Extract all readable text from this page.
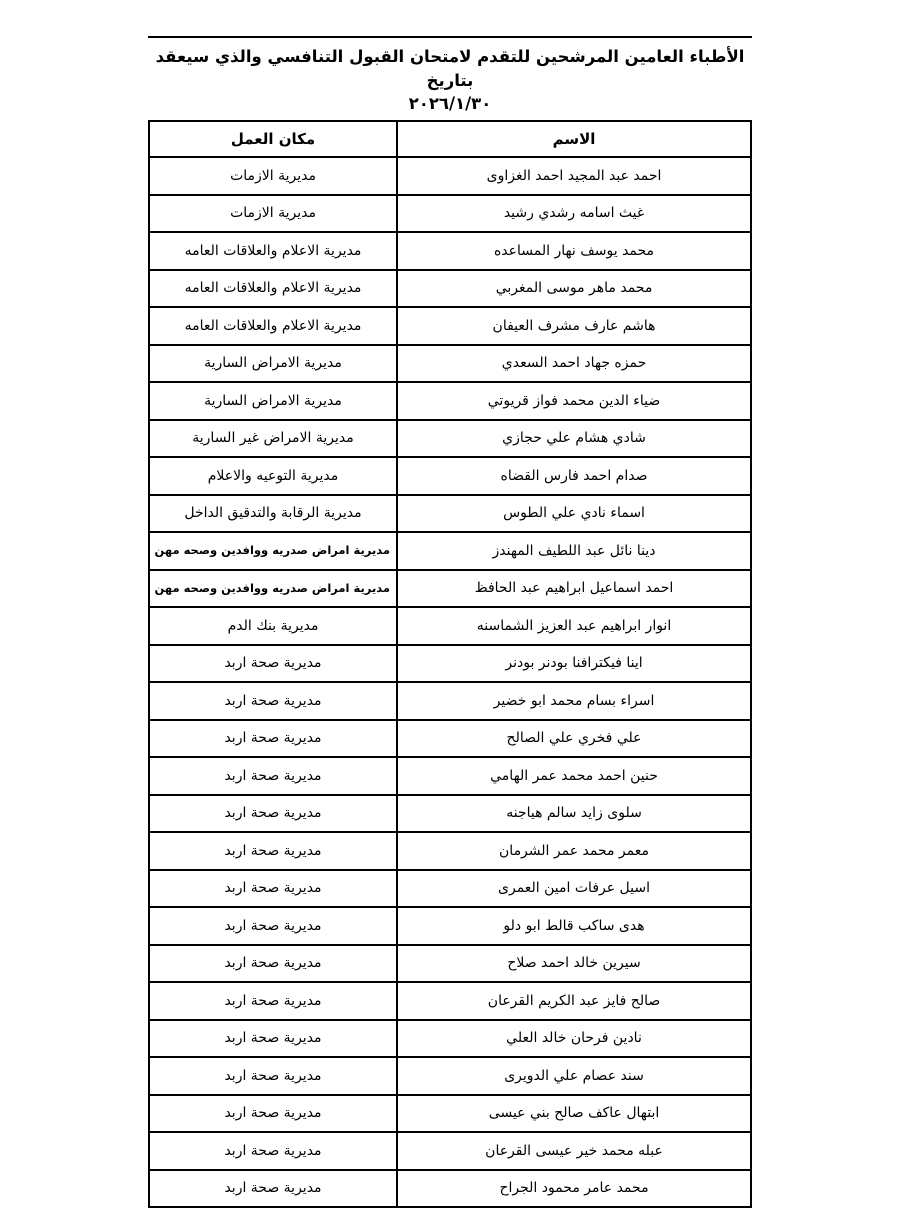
الأطباء العامين المرشحين للتقدم لامتحان القبول التنافسي والذي سيعقد بتاريخ
٢٠٢٦/١/٣٠
الاسم	مكان العمل
احمد عبد المجيد احمد الغزاوى	مديرية الازمات
غيث اسامه رشدي رشيد	مديرية الازمات
محمد يوسف نهار المساعده	مديرية الاعلام والعلاقات العامه
محمد ماهر موسى المغربي	مديرية الاعلام والعلاقات العامه
هاشم عارف مشرف العيفان	مديرية الاعلام والعلاقات العامه
حمزه جهاد احمد السعدي	مديرية الامراض السارية
ضياء الدين محمد فواز قريوتي	مديرية الامراض السارية
شادي هشام علي حجازي	مديرية الامراض غير السارية
صدام احمد فارس القضاه	مديرية التوعيه والاعلام
اسماء نادي علي الطوس	مديرية الرقابة والتدقيق الداخل
دينا نائل عبد اللطيف المهندز	مديرية امراض صدريه ووافدين وصحه مهن
احمد اسماعيل ابراهيم عبد الحافظ	مديرية امراض صدريه ووافدين وصحه مهن
انوار ابراهيم عبد العزيز الشماسنه	مديرية بنك الدم
اينا فيكترافنا بودنر بودنر	مديرية صحة اربد
اسراء بسام محمد ابو خضير	مديرية صحة اربد
علي فخري علي الصالح	مديرية صحة اربد
حنين احمد محمد عمر الهامي	مديرية صحة اربد
سلوى زايد سالم هياجنه	مديرية صحة اربد
معمر محمد عمر الشرمان	مديرية صحة اربد
اسيل عرفات امين العمرى	مديرية صحة اربد
هدى ساكب قالط ابو دلو	مديرية صحة اربد
سيرين خالد احمد صلاح	مديرية صحة اربد
صالح فايز عبد الكريم القرعان	مديرية صحة اربد
نادين فرحان خالد العلي	مديرية صحة اربد
سند عصام علي الدويرى	مديرية صحة اربد
ابتهال عاكف صالح بني عيسى	مديرية صحة اربد
عبله محمد خير عيسى القرعان	مديرية صحة اربد
محمد عامر محمود الجراح	مديرية صحة اربد
